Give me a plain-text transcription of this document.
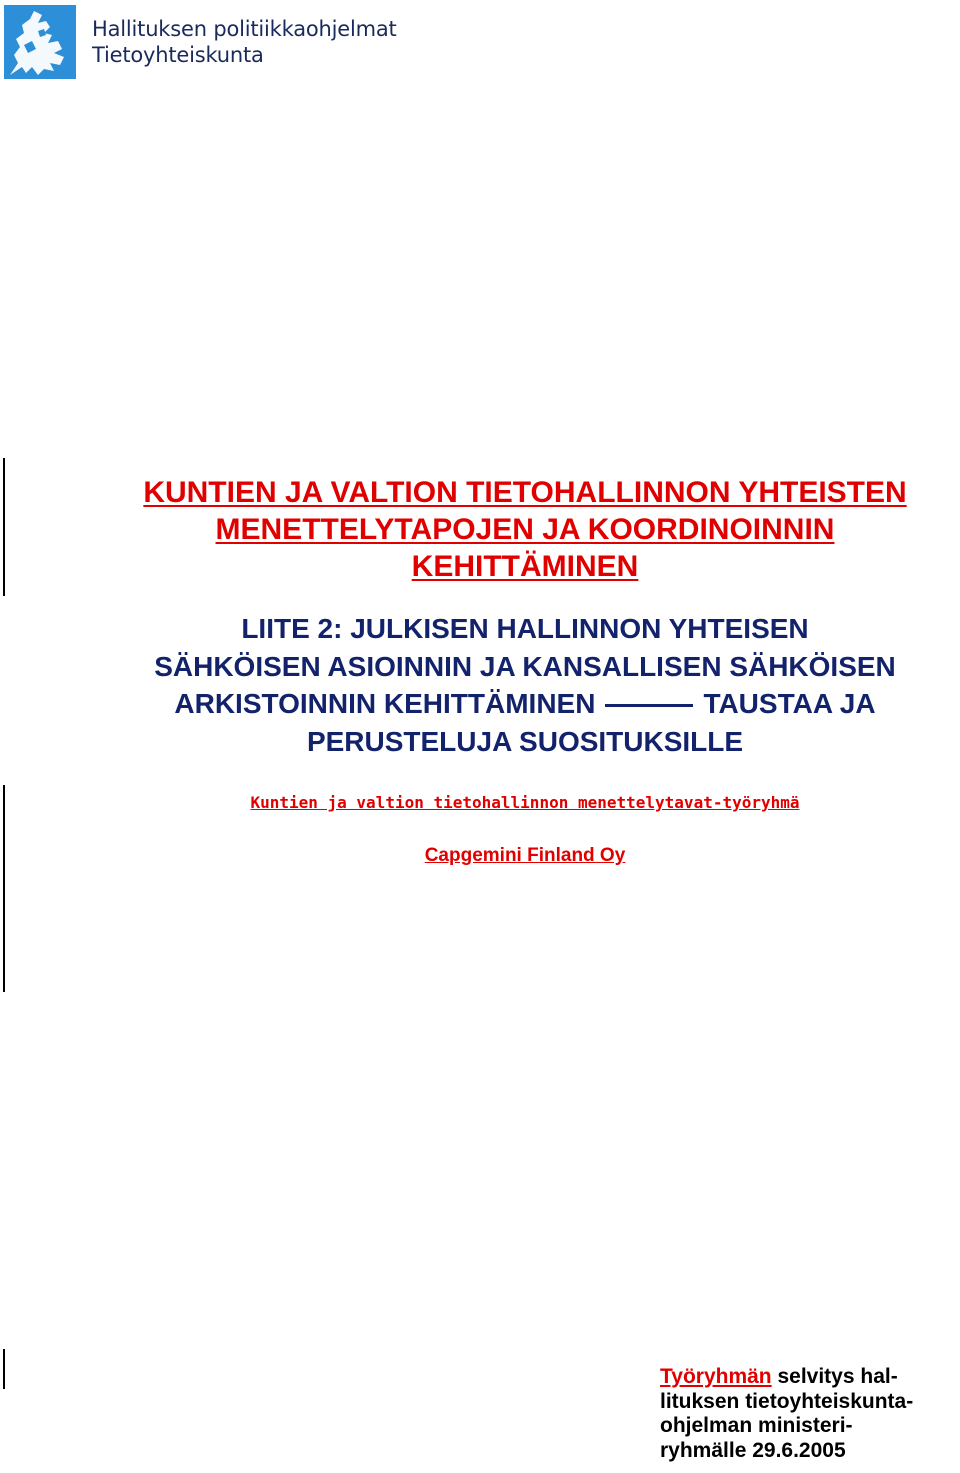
Hallituksen politiikkaohjelmat
Tietoyhteiskunta
KUNTIEN JA VALTION TIETOHALLINNON YHTEISTEN
MENETTELYTAPOJEN JA KOORDINOINNIN
KEHITTÄMINEN
LIITE 2: JULKISEN HALLINNON YHTEISEN
SÄHKÖISEN ASIOINNIN JA KANSALLISEN SÄHKÖISEN
ARKISTOINNIN KEHITTÄMINEN	TAUSTAA JA
PERUSTELUJA SUOSITUKSILLE
Kuntien ja valtion tietohallinnon menettelytavat-työryhmä
Capgemini Finland Oy
Työryhmän selvitys hal-
lituksen tietoyhteiskunta-
ohjelman ministeri-
ryhmälle 29.6.2005
